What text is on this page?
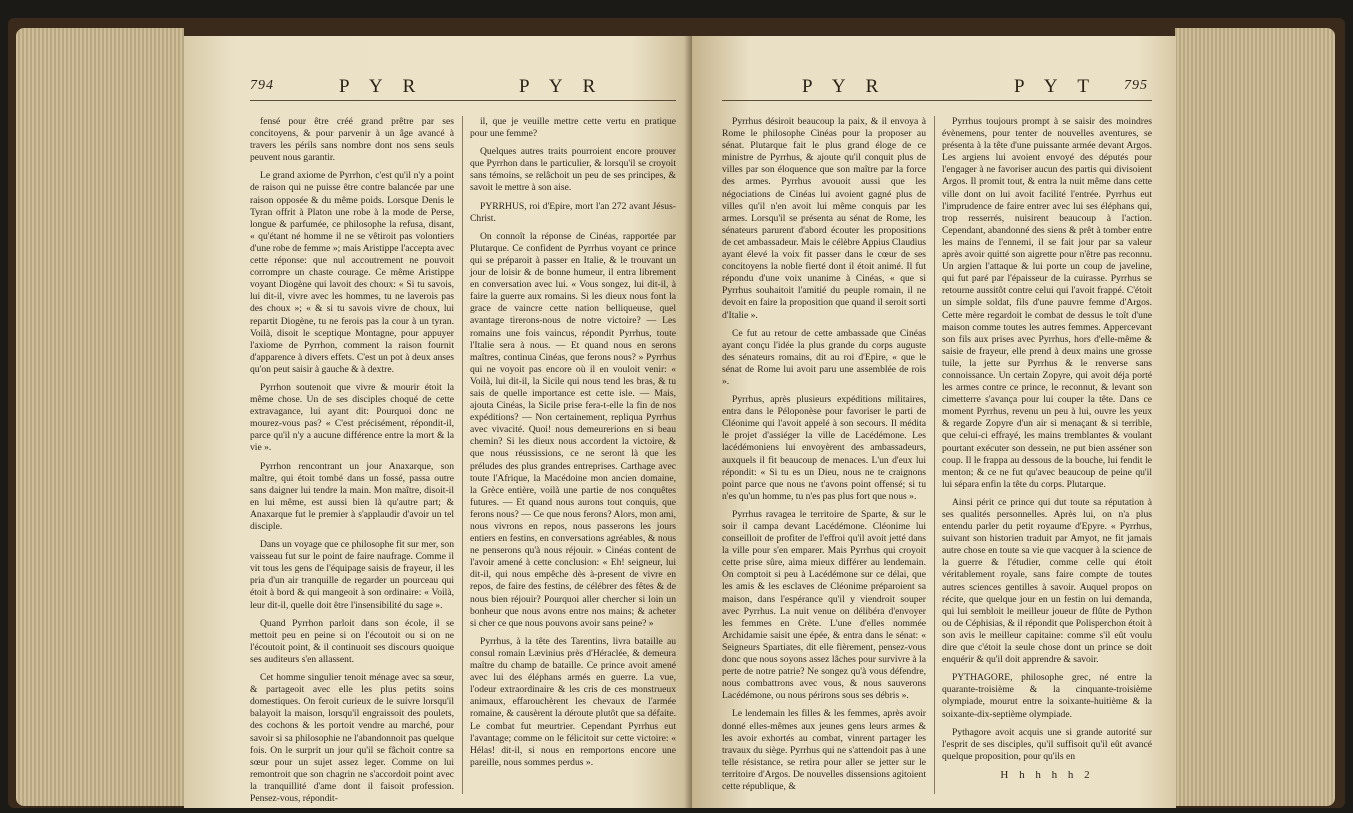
794	P Y R	P Y R

fensé pour être créé grand prêtre par ses concitoyens, & pour parvenir à un âge avancé à travers les périls sans nombre dont nos sens seuls peuvent nous garantir.

Le grand axiome de Pyrrhon, c'est qu'il n'y a point de raison qui ne puisse être contre balancée par une raison opposée & du même poids. Lorsque Denis le Tyran offrit à Platon une robe à la mode de Perse, longue & parfumée, ce philosophe la refusa, disant, « qu'étant né homme il ne se vêtiroit pas volontiers d'une robe de femme »; mais Aristippe l'accepta avec cette réponse: que nul accoutrement ne pouvoit corrompre un chaste courage. Ce même Aristippe voyant Diogène qui lavoit des choux: « Si tu savois, lui dit-il, vivre avec les hommes, tu ne laverois pas des choux »; « & si tu savois vivre de choux, lui repartit Diogène, tu ne ferois pas la cour à un tyran. Voilà, disoit le sceptique Montagne, pour appuyer l'axiome de Pyrrhon, comment la raison fournit d'apparence à divers effets. C'est un pot à deux anses qu'on peut saisir à gauche & à dextre.

Pyrrhon soutenoit que vivre & mourir étoit la même chose. Un de ses disciples choqué de cette extravagance, lui ayant dit: Pourquoi donc ne mourez-vous pas? « C'est précisément, répondit-il, parce qu'il n'y a aucune différence entre la mort & la vie ».

Pyrrhon rencontrant un jour Anaxarque, son maître, qui étoit tombé dans un fossé, passa outre sans daigner lui tendre la main. Mon maître, disoit-il en lui même, est aussi bien là qu'autre part; & Anaxarque fut le premier à s'applaudir d'avoir un tel disciple.

Dans un voyage que ce philosophe fit sur mer, son vaisseau fut sur le point de faire naufrage. Comme il vit tous les gens de l'équipage saisis de frayeur, il les pria d'un air tranquille de regarder un pourceau qui étoit à bord & qui mangeoit à son ordinaire: « Voilà, leur dit-il, quelle doit être l'insensibilité du sage ».

Quand Pyrrhon parloit dans son école, il se mettoit peu en peine si on l'écoutoit ou si on ne l'écoutoit point, & il continuoit ses discours quoique ses auditeurs s'en allassent.

Cet homme singulier tenoit ménage avec sa sœur, & partageoit avec elle les plus petits soins domestiques. On feroit curieux de le suivre lorsqu'il balayoit la maison, lorsqu'il engraissoit des poulets, des cochons & les portoit vendre au marché, pour savoir si sa philosophie ne l'abandonnoit pas quelque fois. On le surprit un jour qu'il se fâchoit contre sa sœur pour un sujet assez leger. Comme on lui remontroit que son chagrin ne s'accordoit point avec la tranquillité d'ame dont il faisoit profession. Pensez-vous, répondit-

il, que je veuille mettre cette vertu en pratique pour une femme?

Quelques autres traits pourroient encore prouver que Pyrrhon dans le particulier, & lorsqu'il se croyoit sans témoins, se relâchoit un peu de ses principes, & savoit le mettre à son aise.

PYRRHUS, roi d'Epire, mort l'an 272 avant Jésus-Christ.

On connoît la réponse de Cinéas, rapportée par Plutarque. Ce confident de Pyrrhus voyant ce prince qui se préparoit à passer en Italie, & le trouvant un jour de loisir & de bonne humeur, il entra librement en conversation avec lui. « Vous songez, lui dit-il, à faire la guerre aux romains. Si les dieux nous font la grace de vaincre cette nation belliqueuse, quel avantage tirerons-nous de notre victoire? — Les romains une fois vaincus, répondit Pyrrhus, toute l'Italie sera à nous. — Et quand nous en serons maîtres, continua Cinéas, que ferons nous? » Pyrrhus qui ne voyoit pas encore où il en vouloit venir: « Voilà, lui dit-il, la Sicile qui nous tend les bras, & tu sais de quelle importance est cette isle. — Mais, ajouta Cinéas, la Sicile prise fera-t-elle la fin de nos expéditions? — Non certainement, repliqua Pyrrhus avec vivacité. Quoi! nous demeurerions en si beau chemin? Si les dieux nous accordent la victoire, & que nous réussissions, ce ne seront là que les préludes des plus grandes entreprises. Carthage avec toute l'Afrique, la Macédoine mon ancien domaine, la Grèce entière, voilà une partie de nos conquêtes futures. — Et quand nous aurons tout conquis, que ferons nous? — Ce que nous ferons? Alors, mon ami, nous vivrons en repos, nous passerons les jours entiers en festins, en conversations agréables, & nous ne penserons qu'à nous réjouir. » Cinéas content de l'avoir amené à cette conclusion: « Eh! seigneur, lui dit-il, qui nous empêche dès à-present de vivre en repos, de faire des festins, de célébrer des fêtes & de nous bien réjouir? Pourquoi aller chercher si loin un bonheur que nous avons entre nos mains; & acheter si cher ce que nous pouvons avoir sans peine? »

Pyrrhus, à la tête des Tarentins, livra bataille au consul romain Lævinius près d'Héraclée, & demeura maître du champ de bataille. Ce prince avoit amené avec lui des éléphans armés en guerre. La vue, l'odeur extraordinaire & les cris de ces monstrueux animaux, effarouchèrent les chevaux de l'armée romaine, & causèrent la déroute plutôt que sa défaite. Le combat fut meurtrier. Cependant Pyrrhus eut l'avantage; comme on le félicitoit sur cette victoire: « Hélas! dit-il, si nous en remportons encore une pareille, nous sommes perdus ».

P Y R	P Y T 795

Pyrrhus désiroit beaucoup la paix, & il envoya à Rome le philosophe Cinéas pour la proposer au sénat. Plutarque fait le plus grand éloge de ce ministre de Pyrrhus, & ajoute qu'il conquit plus de villes par son éloquence que son maître par la force des armes. Pyrrhus avouoit aussi que les négociations de Cinéas lui avoient gagné plus de villes qu'il n'en avoit lui même conquis par les armes. Lorsqu'il se présenta au sénat de Rome, les sénateurs parurent d'abord écouter les propositions de cet ambassadeur. Mais le célèbre Appius Claudius ayant élevé la voix fit passer dans le cœur de ses concitoyens la noble fierté dont il étoit animé. Il fut répondu d'une voix unanime à Cinéas, « que si Pyrrhus souhaitoit l'amitié du peuple romain, il ne devoit en faire la proposition que quand il seroit sorti d'Italie ».

Ce fut au retour de cette ambassade que Cinéas ayant conçu l'idée la plus grande du corps auguste des sénateurs romains, dit au roi d'Epire, « que le sénat de Rome lui avoit paru une assemblée de rois ».

Pyrrhus, après plusieurs expéditions militaires, entra dans le Péloponèse pour favoriser le parti de Cléonime qui l'avoit appelé à son secours. Il médita le projet d'assiéger la ville de Lacédémone. Les lacédémoniens lui envoyèrent des ambassadeurs, auxquels il fit beaucoup de menaces. L'un d'eux lui répondit: « Si tu es un Dieu, nous ne te craignons point parce que nous ne t'avons point offensé; si tu n'es qu'un homme, tu n'es pas plus fort que nous ».

Pyrrhus ravagea le territoire de Sparte, & sur le soir il campa devant Lacédémone. Cléonime lui conseilloit de profiter de l'effroi qu'il avoit jetté dans la ville pour s'en emparer. Mais Pyrrhus qui croyoit cette prise sûre, aima mieux différer au lendemain. On comptoit si peu à Lacédémone sur ce délai, que les amis & les esclaves de Cléonime préparoient sa maison, dans l'espérance qu'il y viendroit souper avec Pyrrhus. La nuit venue on délibéra d'envoyer les femmes en Crète. L'une d'elles nommée Archidamie saisit une épée, & entra dans le sénat: « Seigneurs Spartiates, dit elle fièrement, pensez-vous donc que nous soyons assez lâches pour survivre à la perte de notre patrie? Ne songez qu'à vous défendre, nous combattrons avec vous, & nous sauverons Lacédémone, ou nous périrons sous ses débris ».

Le lendemain les filles & les femmes, après avoir donné elles-mêmes aux jeunes gens leurs armes & les avoir exhortés au combat, vinrent partager les travaux du siège. Pyrrhus qui ne s'attendoit pas à une telle résistance, se retira pour aller se jetter sur le territoire d'Argos. De nouvelles dissensions agitoient cette république, &

Pyrrhus toujours prompt à se saisir des moindres évènemens, pour tenter de nouvelles aventures, se présenta à la tête d'une puissante armée devant Argos. Les argiens lui avoient envoyé des députés pour l'engager à ne favoriser aucun des partis qui divisoient Argos. Il promit tout, & entra la nuit même dans cette ville dont on lui avoit facilité l'entrée. Pyrrhus eut l'imprudence de faire entrer avec lui ses éléphans qui, trop resserrés, nuisirent beaucoup à l'action. Cependant, abandonné des siens & prêt à tomber entre les mains de l'ennemi, il se fait jour par sa valeur après avoir quitté son aigrette pour n'être pas reconnu. Un argien l'attaque & lui porte un coup de javeline, qui fut paré par l'épaisseur de la cuirasse. Pyrrhus se retourne aussitôt contre celui qui l'avoit frappé. C'étoit un simple soldat, fils d'une pauvre femme d'Argos. Cette mère regardoit le combat de dessus le toît d'une maison comme toutes les autres femmes. Appercevant son fils aux prises avec Pyrrhus, hors d'elle-même & saisie de frayeur, elle prend à deux mains une grosse tuile, la jette sur Pyrrhus & le renverse sans connoissance. Un certain Zopyre, qui avoit déja porté les armes contre ce prince, le reconnut, & levant son cimetterre s'avança pour lui couper la tête. Dans ce moment Pyrrhus, revenu un peu à lui, ouvre les yeux & regarde Zopyre d'un air si menaçant & si terrible, que celui-ci effrayé, les mains tremblantes & voulant pourtant exécuter son dessein, ne put bien asséner son coup. Il le frappa au dessous de la bouche, lui fendit le menton; & ce ne fut qu'avec beaucoup de peine qu'il lui sépara enfin la tête du corps. Plutarque.

Ainsi périt ce prince qui dut toute sa réputation à ses qualités personnelles. Après lui, on n'a plus entendu parler du petit royaume d'Epyre. « Pyrrhus, suivant son historien traduit par Amyot, ne fit jamais autre chose en toute sa vie que vacquer à la science de la guerre & l'étudier, comme celle qui étoit véritablement royale, sans faire compte de toutes autres sciences gentilles à savoir. Auquel propos on récite, que quelque jour en un festin on lui demanda, qui lui sembloit le meilleur joueur de flûte de Python ou de Céphisias, & il répondit que Polisperchon étoit à son avis le meilleur capitaine: comme s'il eût voulu dire que c'étoit la seule chose dont un prince se doit enquérir & qu'il doit apprendre & savoir.

PYTHAGORE, philosophe grec, né entre la quarante-troisième & la cinquante-troisième olympiade, mourut entre la soixante-huitième & la soixante-dix-septième olympiade.

Pythagore avoit acquis une si grande autorité sur l'esprit de ses disciples, qu'il suffisoit qu'il eût avancé quelque proposition, pour qu'ils en

H h h h h 2
